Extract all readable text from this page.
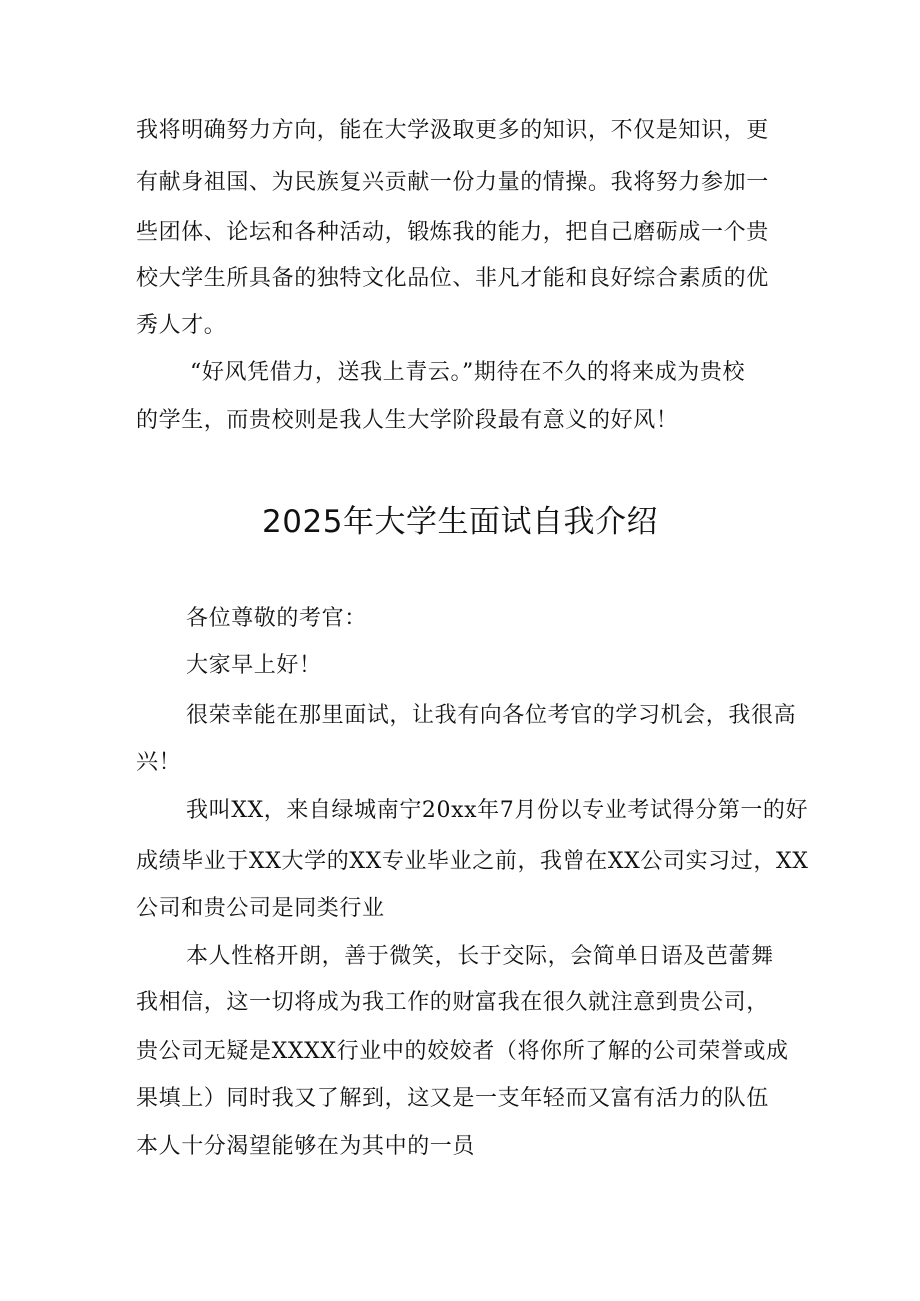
我将明确努力方向，能在大学汲取更多的知识，不仅是知识，更
有献身祖国、为民族复兴贡献一份力量的情操。我将努力参加一
些团体、论坛和各种活动，锻炼我的能力，把自己磨砺成一个贵
校大学生所具备的独特文化品位、非凡才能和良好综合素质的优
秀人才。
“好风凭借力，送我上青云。”期待在不久的将来成为贵校
的学生，而贵校则是我人生大学阶段最有意义的好风！
2025年大学生面试自我介绍
各位尊敬的考官：
大家早上好！
很荣幸能在那里面试，让我有向各位考官的学习机会，我很高
兴！
我叫XX，来自绿城南宁20xx年7月份以专业考试得分第一的好
成绩毕业于XX大学的XX专业毕业之前，我曾在XX公司实习过，XX
公司和贵公司是同类行业
本人性格开朗，善于微笑，长于交际，会简单日语及芭蕾舞
我相信，这一切将成为我工作的财富我在很久就注意到贵公司，
贵公司无疑是XXXX行业中的姣姣者（将你所了解的公司荣誉或成
果填上）同时我又了解到，这又是一支年轻而又富有活力的队伍
本人十分渴望能够在为其中的一员
